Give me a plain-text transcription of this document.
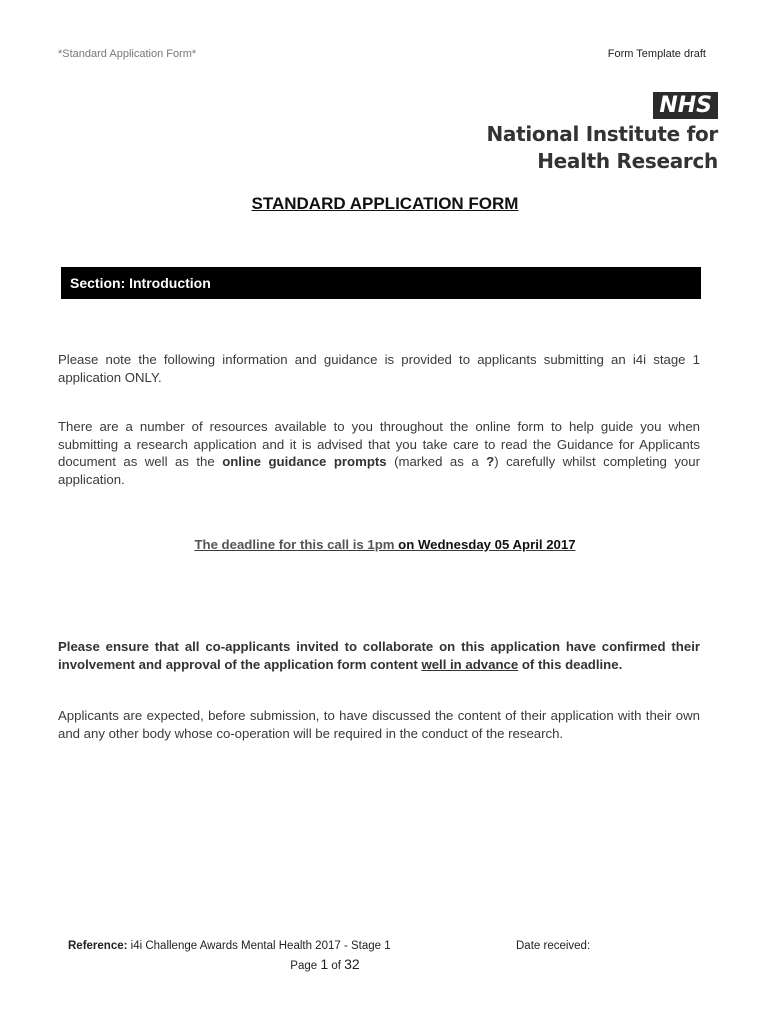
*Standard Application Form*	Form Template draft
NHS
National Institute for
Health Research
STANDARD APPLICATION FORM
Section: Introduction
Please note the following information and guidance is provided to applicants submitting an i4i stage 1 application ONLY.
There are a number of resources available to you throughout the online form to help guide you when submitting a research application and it is advised that you take care to read the Guidance for Applicants document as well as the online guidance prompts (marked as a ?) carefully whilst completing your application.
The deadline for this call is 1pm on Wednesday 05 April 2017
Please ensure that all co-applicants invited to collaborate on this application have confirmed their involvement and approval of the application form content well in advance of this deadline.
Applicants are expected, before submission, to have discussed the content of their application with their own and any other body whose co-operation will be required in the conduct of the research.
Reference: i4i Challenge Awards Mental Health 2017 - Stage 1	Date received:
Page 1 of 32
